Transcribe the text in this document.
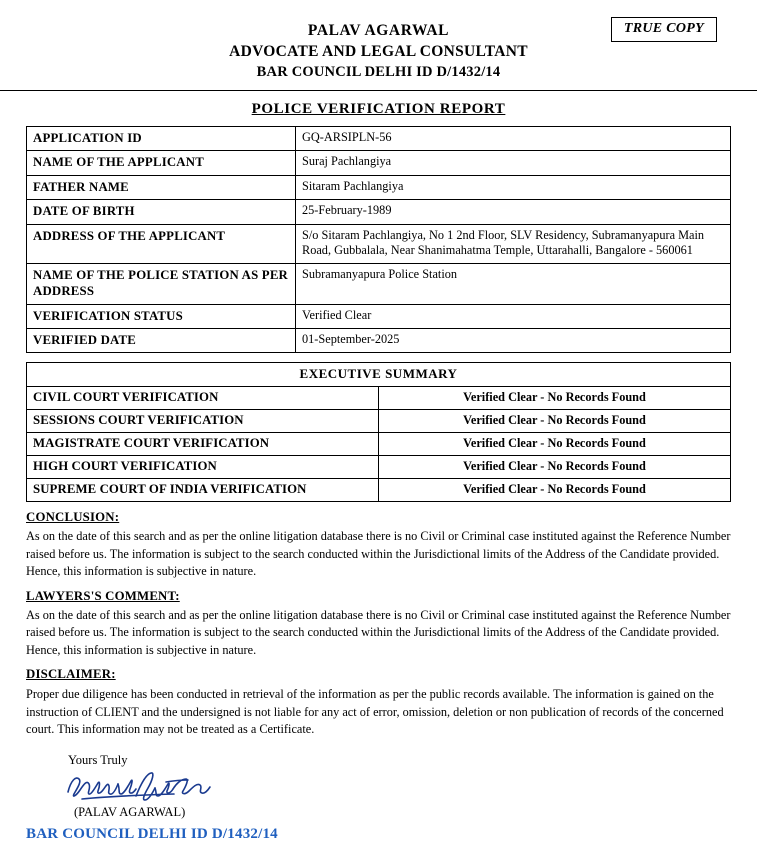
TRUE COPY
PALAV AGARWAL
ADVOCATE AND LEGAL CONSULTANT
BAR COUNCIL DELHI ID D/1432/14
POLICE VERIFICATION REPORT
APPLICATION ID	GQ-ARSIPLN-56
NAME OF THE APPLICANT	Suraj Pachlangiya
FATHER NAME	Sitaram Pachlangiya
DATE OF BIRTH	25-February-1989
ADDRESS OF THE APPLICANT	S/o Sitaram Pachlangiya, No 1 2nd Floor, SLV Residency, Subramanyapura Main Road, Gubbalala, Near Shanimahatma Temple, Uttarahalli, Bangalore - 560061
NAME OF THE POLICE STATION AS PER ADDRESS	Subramanyapura Police Station
VERIFICATION STATUS	Verified Clear
VERIFIED DATE	01-September-2025
EXECUTIVE SUMMARY	
CIVIL COURT VERIFICATION	Verified Clear - No Records Found
SESSIONS COURT VERIFICATION	Verified Clear - No Records Found
MAGISTRATE COURT VERIFICATION	Verified Clear - No Records Found
HIGH COURT VERIFICATION	Verified Clear - No Records Found
SUPREME COURT OF INDIA VERIFICATION	Verified Clear - No Records Found
CONCLUSION:
As on the date of this search and as per the online litigation database there is no Civil or Criminal case instituted against the Reference Number raised before us. The information is subject to the search conducted within the Jurisdictional limits of the Address of the Candidate provided. Hence, this information is subjective in nature.
LAWYERS'S COMMENT:
As on the date of this search and as per the online litigation database there is no Civil or Criminal case instituted against the Reference Number raised before us. The information is subject to the search conducted within the Jurisdictional limits of the Address of the Candidate provided. Hence, this information is subjective in nature.
DISCLAIMER:
Proper due diligence has been conducted in retrieval of the information as per the public records available. The information is gained on the instruction of CLIENT and the undersigned is not liable for any act of error, omission, deletion or non publication of records of the concerned court. This information may not be treated as a Certificate.
Yours Truly
(PALAV AGARWAL)
BAR COUNCIL DELHI ID D/1432/14
